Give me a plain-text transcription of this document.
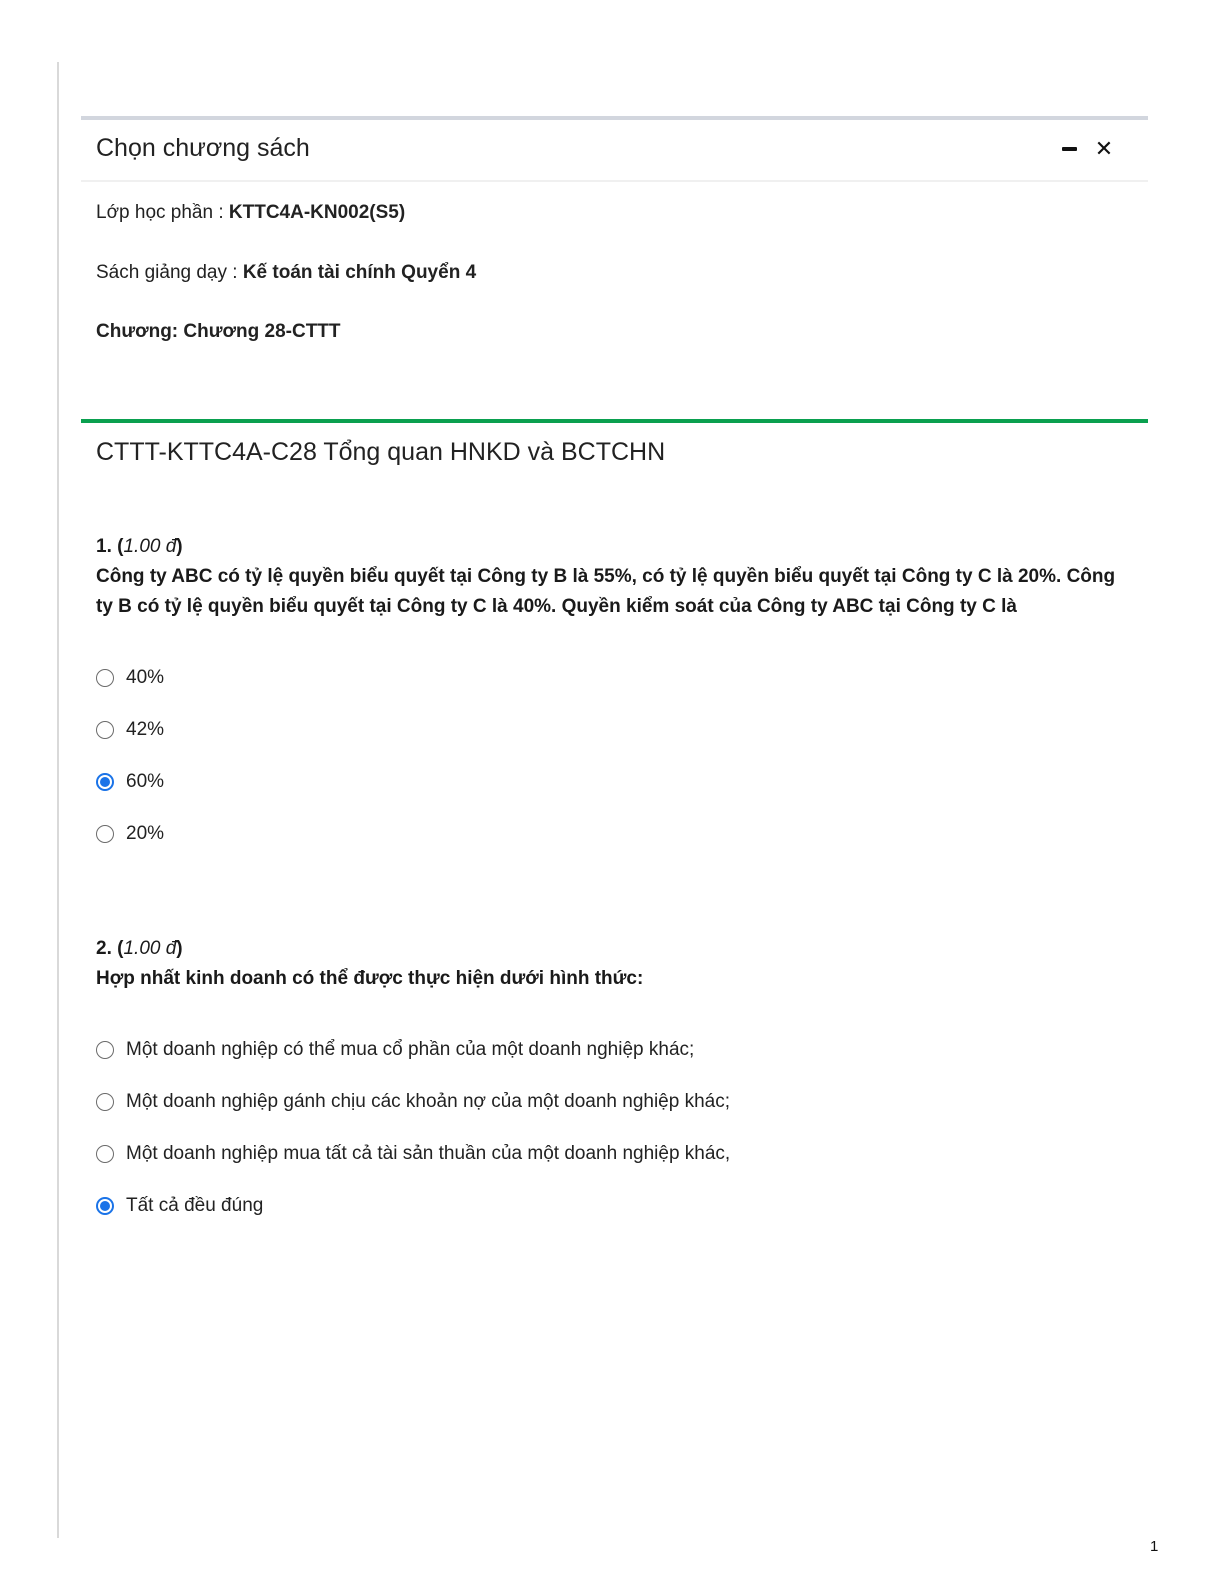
Chọn chương sách	✕
Lớp học phần : KTTC4A-KN002(S5)
Sách giảng dạy : Kế toán tài chính Quyển 4
Chương: Chương 28-CTTT
CTTT-KTTC4A-C28 Tổng quan HNKD và BCTCHN
1. (1.00 đ)
Công ty ABC có tỷ lệ quyền biểu quyết tại Công ty B là 55%, có tỷ lệ quyền biểu quyết tại Công ty C là 20%. Công ty B có tỷ lệ quyền biểu quyết tại Công ty C là 40%. Quyền kiểm soát của Công ty ABC tại Công ty C là
40%
42%
60%
20%
2. (1.00 đ)
Hợp nhất kinh doanh có thể được thực hiện dưới hình thức:
Một doanh nghiệp có thể mua cổ phần của một doanh nghiệp khác;
Một doanh nghiệp gánh chịu các khoản nợ của một doanh nghiệp khác;
Một doanh nghiệp mua tất cả tài sản thuần của một doanh nghiệp khác,
Tất cả đều đúng
1
